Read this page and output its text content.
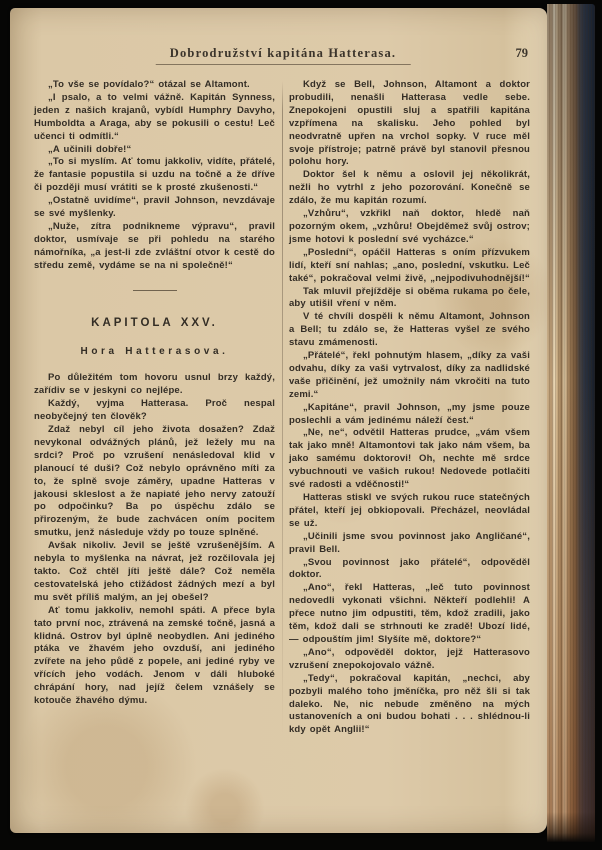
Dobrodružství kapitána Hatterasa.	79

„To vše se povídalo?“ otázal se Altamont.

„I psalo, a to velmi vážně. Kapitán Synness, jeden z našich krajanů, vybídl Humphry Davyho, Humboldta a Araga, aby se pokusili o cestu! Leč učenci ti odmítli.“

„A učinili dobře!“

„To si myslím. Ať tomu jakkoliv, vidíte, přátelé, že fantasie popustila si uzdu na točně a že dříve či později musí vrátiti se k prosté zkušenosti.“

„Ostatně uvidíme“, pravil Johnson, nevzdávaje se své myšlenky.

„Nuže, zítra podnikneme výpravu“, pravil doktor, usmívaje se při pohledu na starého námořníka, „a jest-li zde zvláštní otvor k cestě do středu země, vydáme se na ni společně!“

KAPITOLA XXV.
Hora Hatterasova.

Po důležitém tom hovoru usnul brzy každý, zařídiv se v jeskyni co nejlépe.

Každý, vyjma Hatterasa. Proč nespal neobyčejný ten člověk?

Zdaž nebyl cíl jeho života dosažen? Zdaž nevykonal odvážných plánů, jež ležely mu na srdci? Proč po vzrušení nenásledoval klid v planoucí té duši? Což nebylo oprávněno míti za to, že splně svoje záměry, upadne Hatteras v jakousi skleslost a že napiaté jeho nervy zatouží po odpočinku? Ba po úspěchu zdálo se přirozeným, že bude zachvácen oním pocitem smutku, jenž následuje vždy po touze splněné.

Avšak nikoliv. Jevil se ještě vzrušenějším. A nebyla to myšlenka na návrat, jež rozčilovala jej takto. Což chtěl jíti ještě dále? Což neměla cestovatelská jeho ctižádost žádných mezí a byl mu svět příliš malým, an jej obešel?

Ať tomu jakkoliv, nemohl spáti. A přece byla tato první noc, ztrávená na zemské točně, jasná a klidná. Ostrov byl úplně neobydlen. Ani jediného ptáka ve žhavém jeho ovzduší, ani jediného zvířete na jeho půdě z popele, ani jediné ryby ve vřících jeho vodách. Jenom v dáli hluboké chrápání hory, nad jejíž čelem vznášely se kotouče žhavého dýmu.

Když se Bell, Johnson, Altamont a doktor probudili, nenašli Hatterasa vedle sebe. Znepokojeni opustili sluj a spatřili kapitána vzpřímena na skalisku. Jeho pohled byl neodvratně upřen na vrchol sopky. V ruce měl svoje přístroje; patrně právě byl stanovil přesnou polohu hory.

Doktor šel k němu a oslovil jej několikrát, nežli ho vytrhl z jeho pozorování. Konečně se zdálo, že mu kapitán rozumí.

„Vzhůru“, vzkřikl naň doktor, hledě naň pozorným okem, „vzhůru! Obejděmež svůj ostrov; jsme hotovi k poslední své vycházce.“

„Poslední“, opáčil Hatteras s oním přízvukem lidí, kteří sní nahlas; „ano, poslední, vskutku. Leč také“, pokračoval velmi živě, „nejpodivuhodnější!“

Tak mluvil přejížděje si oběma rukama po čele, aby utišil vření v něm.

V té chvíli dospěli k němu Altamont, Johnson a Bell; tu zdálo se, že Hatteras vyšel ze svého stavu zmámenosti.

„Přátelé“, řekl pohnutým hlasem, „díky za vaši odvahu, díky za vaši vytrvalost, díky za nadlidské vaše přičinění, jež umožnily nám vkročiti na tuto zemi.“

„Kapitáne“, pravil Johnson, „my jsme pouze poslechli a vám jedinému náleží čest.“

„Ne, ne“, odvětil Hatteras prudce, „vám všem tak jako mně! Altamontovi tak jako nám všem, ba jako samému doktorovi! Oh, nechte mě srdce vybuchnouti ve vašich rukou! Nedovede potlačiti své radosti a vděčnosti!“

Hatteras stiskl ve svých rukou ruce statečných přátel, kteří jej obkiopovali. Přecházel, neovládal se už.

„Učinili jsme svou povinnost jako Angličané“, pravil Bell.

„Svou povinnost jako přátelé“, odpověděl doktor.

„Ano“, řekl Hatteras, „leč tuto povinnost nedovedli vykonati všichni. Někteří podlehli! A přece nutno jim odpustiti, těm, kdož zradili, jako těm, kdož dali se strhnouti ke zradě! Ubozí lidé, — odpouštím jim! Slyšíte mě, doktore?“

„Ano“, odpověděl doktor, jejž Hatterasovo vzrušení znepokojovalo vážně.

„Tedy“, pokračoval kapitán, „nechci, aby pozbyli malého toho jměníčka, pro něž šli si tak daleko. Ne, nic nebude změněno na mých ustanoveních a oni budou bohati . . . shlédnou-li kdy opět Anglii!“
